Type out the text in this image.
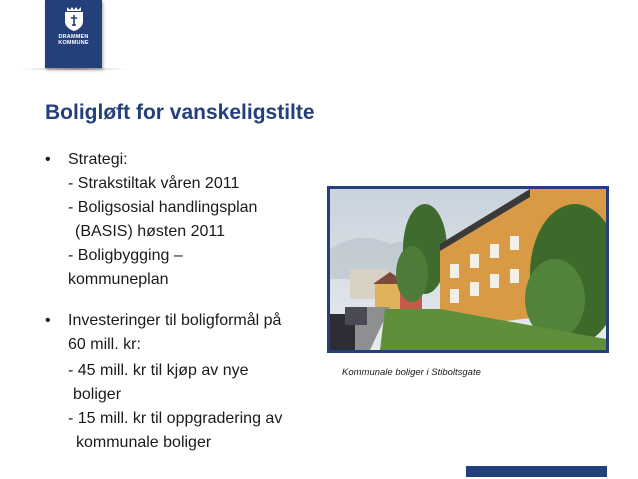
DRAMMEN
KOMMUNE
Boligløft for vanskeligstilte
•	Strategi:
- Strakstiltak våren 2011
- Boligsosial handlingsplan
(BASIS) høsten 2011
- Boligbygging –
kommuneplan
•	Investeringer til boligformål på
60 mill. kr:
- 45 mill. kr til kjøp av nye
boliger
- 15 mill. kr til oppgradering av
kommunale boliger
Kommunale boliger i Stiboltsgate
